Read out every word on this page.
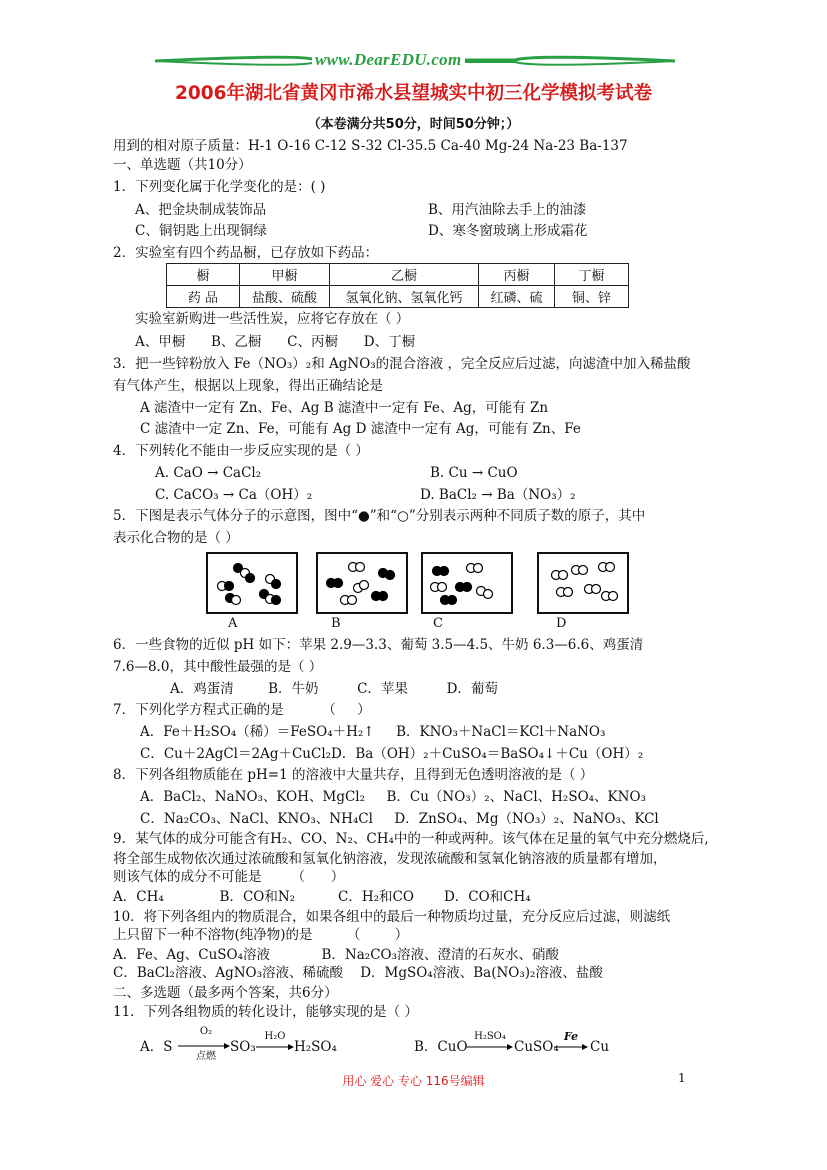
www.DearEDU.com
2006年湖北省黄冈市浠水县望城实中初三化学模拟考试卷
（本卷满分共50分，时间50分钟；）
用到的相对原子质量：H-1 O-16 C-12 S-32 Cl-35.5 Ca-40 Mg-24 Na-23 Ba-137
一、单选题（共10分）
1．下列变化属于化学变化的是：( )
A、把金块制成装饰品	B、用汽油除去手上的油漆
C、铜钥匙上出现铜绿	D、寒冬窗玻璃上形成霜花
2．实验室有四个药品橱，已存放如下药品：
橱	甲橱	乙橱	丙橱	丁橱
药 品	盐酸、硫酸	氢氧化钠、氢氧化钙	红磷、硫	铜、锌
实验室新购进一些活性炭，应将它存放在（ ）
A、甲橱      B、乙橱      C、丙橱      D、丁橱
3．把一些锌粉放入 Fe（NO₃）₂和 AgNO₃的混合溶液 ，完全反应后过滤，向滤渣中加入稀盐酸
有气体产生，根据以上现象，得出正确结论是
A 滤渣中一定有 Zn、Fe、Ag B 滤渣中一定有 Fe、Ag，可能有 Zn
C 滤渣中一定 Zn、Fe，可能有 Ag D 滤渣中一定有 Ag，可能有 Zn、Fe
4．下列转化不能由一步反应实现的是（ ）
A. CaO → CaCl₂	B. Cu → CuO
C. CaCO₃ → Ca（OH）₂	D. BaCl₂ → Ba（NO₃）₂
5．下图是表示气体分子的示意图，图中“●”和“○”分别表示两种不同质子数的原子，其中
表示化合物的是（ ）
A	B	C	D
6．一些食物的近似 pH 如下：苹果 2.9—3.3、葡萄 3.5—4.5、牛奶 6.3—6.6、鸡蛋清
7.6—8.0，其中酸性最强的是（ ）
A．鸡蛋清        B．牛奶         C．苹果         D．葡萄
7．下列化学方程式正确的是         （     ）
A．Fe＋H₂SO₄（稀）＝FeSO₄＋H₂↑     B．KNO₃＋NaCl＝KCl＋NaNO₃
C．Cu＋2AgCl＝2Ag＋CuCl₂D．Ba（OH）₂＋CuSO₄＝BaSO₄↓＋Cu（OH）₂
8．下列各组物质能在 pH=1 的溶液中大量共存，且得到无色透明溶液的是（ ）
A．BaCl₂、NaNO₃、KOH、MgCl₂     B．Cu（NO₃）₂、NaCl、H₂SO₄、KNO₃
C．Na₂CO₃、NaCl、KNO₃、NH₄Cl     D．ZnSO₄、Mg（NO₃）₂、NaNO₃、KCl
9．某气体的成分可能含有H₂、CO、N₂、CH₄中的一种或两种。该气体在足量的氧气中充分燃烧后,
将全部生成物依次通过浓硫酸和氢氧化钠溶液，发现浓硫酸和氢氧化钠溶液的质量都有增加，
则该气体的成分不可能是       （      ）
A．CH₄             B．CO和N₂          C．H₂和CO       D．CO和CH₄
10．将下列各组内的物质混合，如果各组中的最后一种物质均过量，充分反应后过滤，则滤纸
上只留下一种不溶物(纯净物)的是        （        ）
A．Fe、Ag、CuSO₄溶液            B．Na₂CO₃溶液、澄清的石灰水、硝酸
C．BaCl₂溶液、AgNO₃溶液、稀硫酸    D．MgSO₄溶液、Ba(NO₃)₂溶液、盐酸
二、多选题（最多两个答案，共6分）
11．下列各组物质的转化设计，能够实现的是（ ）
A．S
O₂
点燃
SO₃
H₂O
→ H₂SO₄	B．CuO
H₂SO₄
→ CuSO₄
Fe
→ Cu
用心 爱心 专心 116号编辑	1
